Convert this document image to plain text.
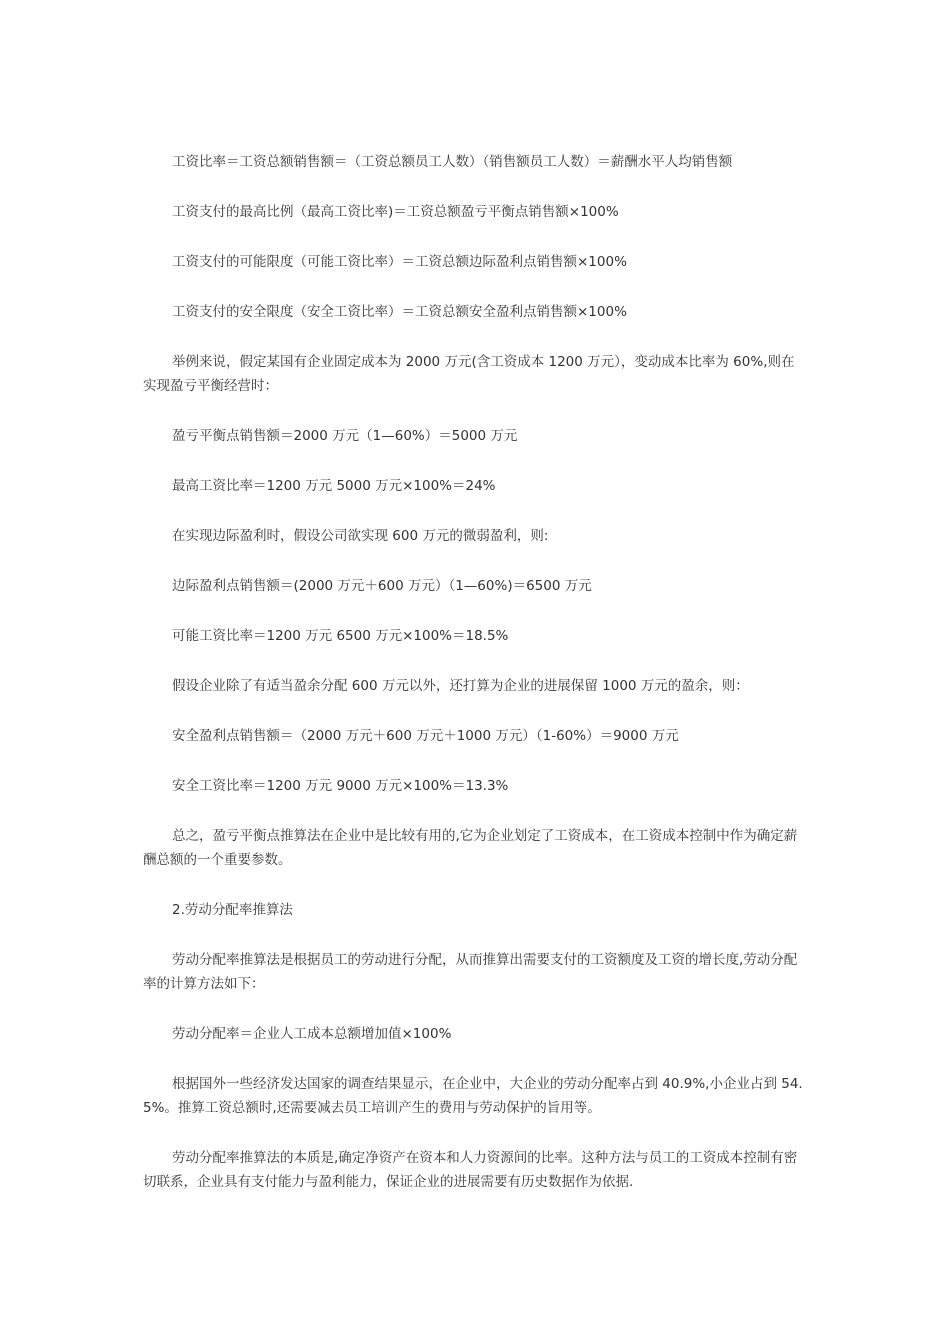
工资比率＝工资总额销售额＝（工资总额员工人数）（销售额员工人数）＝薪酬水平人均销售额

工资支付的最高比例（最高工资比率)＝工资总额盈亏平衡点销售额×100%

工资支付的可能限度（可能工资比率）＝工资总额边际盈利点销售额×100%

工资支付的安全限度（安全工资比率）＝工资总额安全盈利点销售额×100%

举例来说，假定某国有企业固定成本为 2000 万元(含工资成本 1200 万元），变动成本比率为 60%,则在实现盈亏平衡经营时：

盈亏平衡点销售额＝2000 万元（1—60%）＝5000 万元

最高工资比率＝1200 万元 5000 万元×100%＝24%

在实现边际盈利时，假设公司欲实现 600 万元的微弱盈利，则:

边际盈利点销售额＝(2000 万元＋600 万元）（1—60%)＝6500 万元

可能工资比率＝1200 万元 6500 万元×100%＝18.5%

假设企业除了有适当盈余分配 600 万元以外，还打算为企业的进展保留 1000 万元的盈余，则：

安全盈利点销售额＝（2000 万元＋600 万元＋1000 万元）（1-60%）＝9000 万元

安全工资比率＝1200 万元 9000 万元×100%＝13.3%

总之，盈亏平衡点推算法在企业中是比较有用的,它为企业划定了工资成本，在工资成本控制中作为确定薪酬总额的一个重要参数。

2.劳动分配率推算法

劳动分配率推算法是根据员工的劳动进行分配，从而推算出需要支付的工资额度及工资的增长度,劳动分配率的计算方法如下：

劳动分配率＝企业人工成本总额增加值×100%

根据国外一些经济发达国家的调查结果显示，在企业中，大企业的劳动分配率占到 40.9%,小企业占到 54.5%。推算工资总额时,还需要减去员工培训产生的费用与劳动保护的旨用等。

劳动分配率推算法的本质是,确定净资产在资本和人力资源间的比率。这种方法与员工的工资成本控制有密切联系，企业具有支付能力与盈利能力，保证企业的进展需要有历史数据作为依据.
